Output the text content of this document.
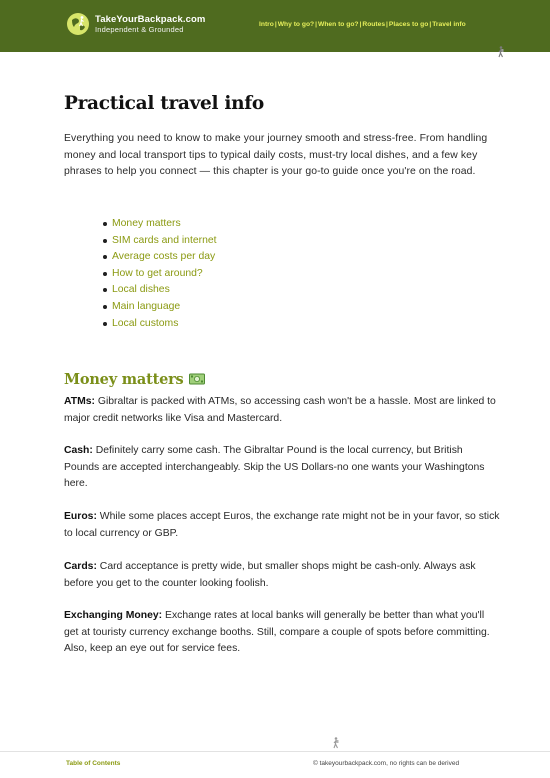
TakeYourBackpack.com
Independent & Grounded
Intro|Why to go?|When to go?|Routes|Places to go|Travel info
Practical travel info

Everything you need to know to make your journey smooth and stress-free. From handling money and local transport tips to typical daily costs, must-try local dishes, and a few key phrases to help you connect — this chapter is your go-to guide once you're on the road.

Money matters
SIM cards and internet
Average costs per day
How to get around?
Local dishes
Main language
Local customs
Money matters

ATMs: Gibraltar is packed with ATMs, so accessing cash won't be a hassle. Most are linked to major credit networks like Visa and Mastercard.

Cash: Definitely carry some cash. The Gibraltar Pound is the local currency, but British Pounds are accepted interchangeably. Skip the US Dollars-no one wants your Washingtons here.

Euros: While some places accept Euros, the exchange rate might not be in your favor, so stick to local currency or GBP.

Cards: Card acceptance is pretty wide, but smaller shops might be cash-only. Always ask before you get to the counter looking foolish.

Exchanging Money: Exchange rates at local banks will generally be better than what you'll get at touristy currency exchange booths. Still, compare a couple of spots before committing. Also, keep an eye out for service fees.

Table of Contents	© takeyourbackpack.com, no rights can be derived
